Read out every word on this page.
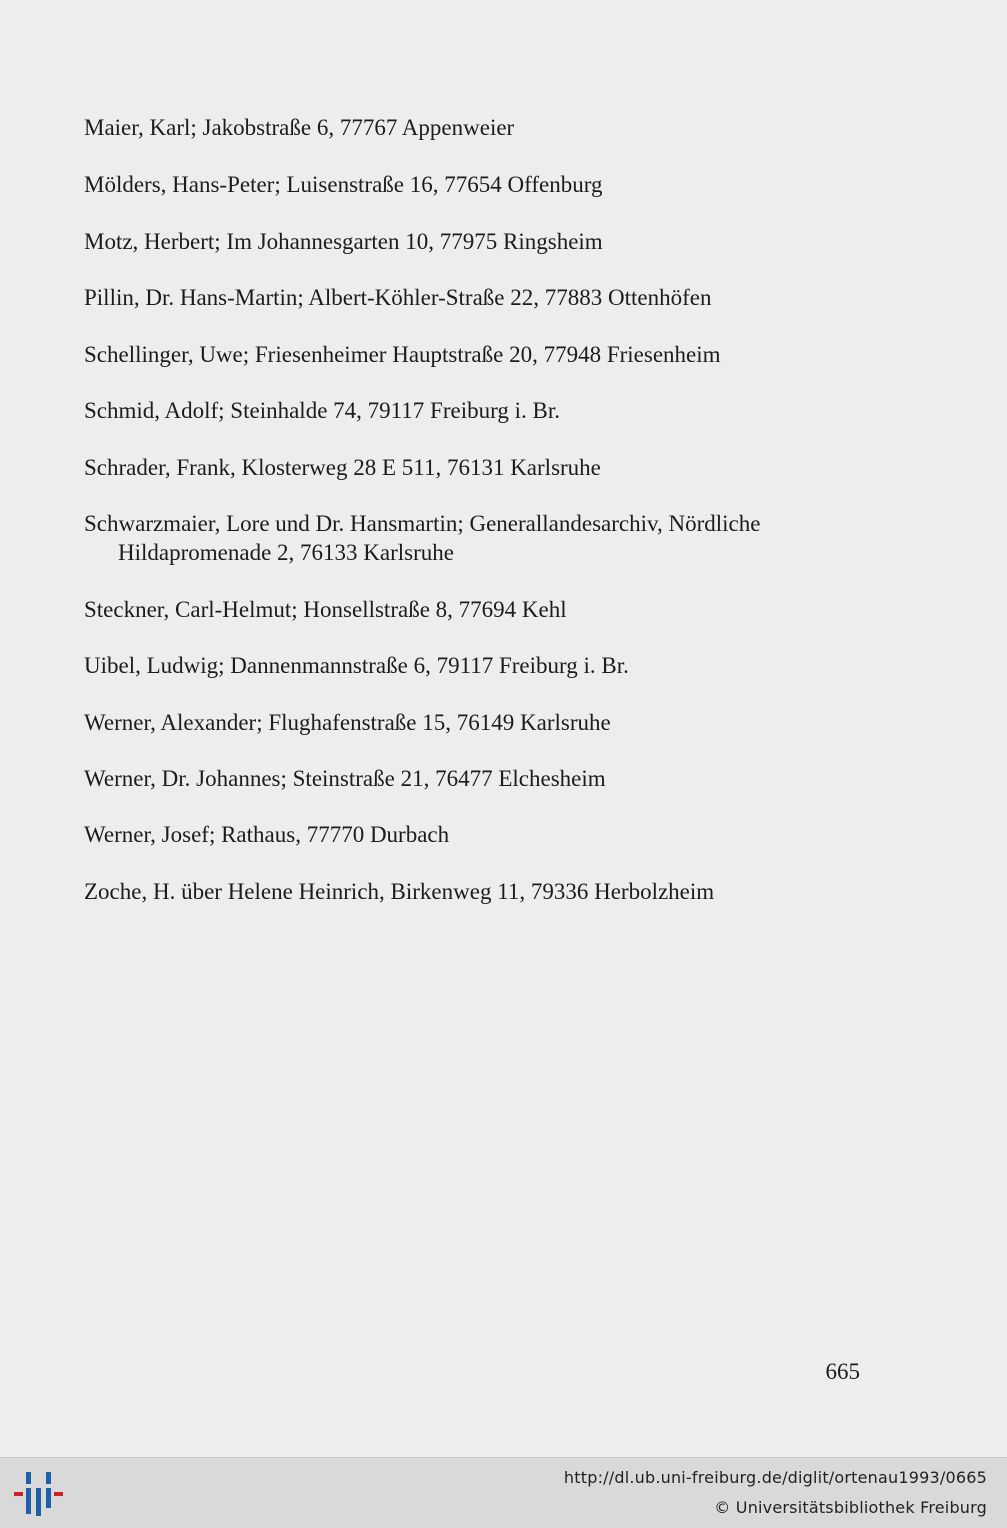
Maier, Karl; Jakobstraße 6, 77767 Appenweier
Mölders, Hans-Peter; Luisenstraße 16, 77654 Offenburg
Motz, Herbert; Im Johannesgarten 10, 77975 Ringsheim
Pillin, Dr. Hans-Martin; Albert-Köhler-Straße 22, 77883 Ottenhöfen
Schellinger, Uwe; Friesenheimer Hauptstraße 20, 77948 Friesenheim
Schmid, Adolf; Steinhalde 74, 79117 Freiburg i. Br.
Schrader, Frank, Klosterweg 28 E 511, 76131 Karlsruhe
Schwarzmaier, Lore und Dr. Hansmartin; Generallandesarchiv, Nördliche
Hildapromenade 2, 76133 Karlsruhe
Steckner, Carl-Helmut; Honsellstraße 8, 77694 Kehl
Uibel, Ludwig; Dannenmannstraße 6, 79117 Freiburg i. Br.
Werner, Alexander; Flughafenstraße 15, 76149 Karlsruhe
Werner, Dr. Johannes; Steinstraße 21, 76477 Elchesheim
Werner, Josef; Rathaus, 77770 Durbach
Zoche, H. über Helene Heinrich, Birkenweg 11, 79336 Herbolzheim
665
http://dl.ub.uni-freiburg.de/diglit/ortenau1993/0665
© Universitätsbibliothek Freiburg
